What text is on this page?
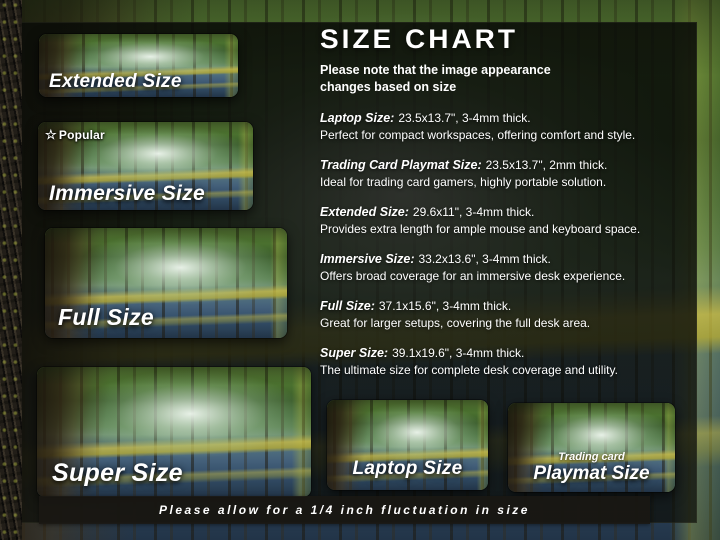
Extended Size
☆ Popular
Immersive Size
Full Size
Super Size	Laptop Size
Trading card
Playmat Size
SIZE CHART
Please note that the image appearance
changes based on size
Laptop Size: 23.5x13.7", 3-4mm thick.
Perfect for compact workspaces, offering comfort and style.
Trading Card Playmat Size: 23.5x13.7", 2mm thick.
Ideal for trading card gamers, highly portable solution.
Extended Size: 29.6x11", 3-4mm thick.
Provides extra length for ample mouse and keyboard space.
Immersive Size: 33.2x13.6", 3-4mm thick.
Offers broad coverage for an immersive desk experience.
Full Size: 37.1x15.6", 3-4mm thick.
Great for larger setups, covering the full desk area.
Super Size: 39.1x19.6", 3-4mm thick.
The ultimate size for complete desk coverage and utility.
Please allow for a 1/4 inch fluctuation in size
